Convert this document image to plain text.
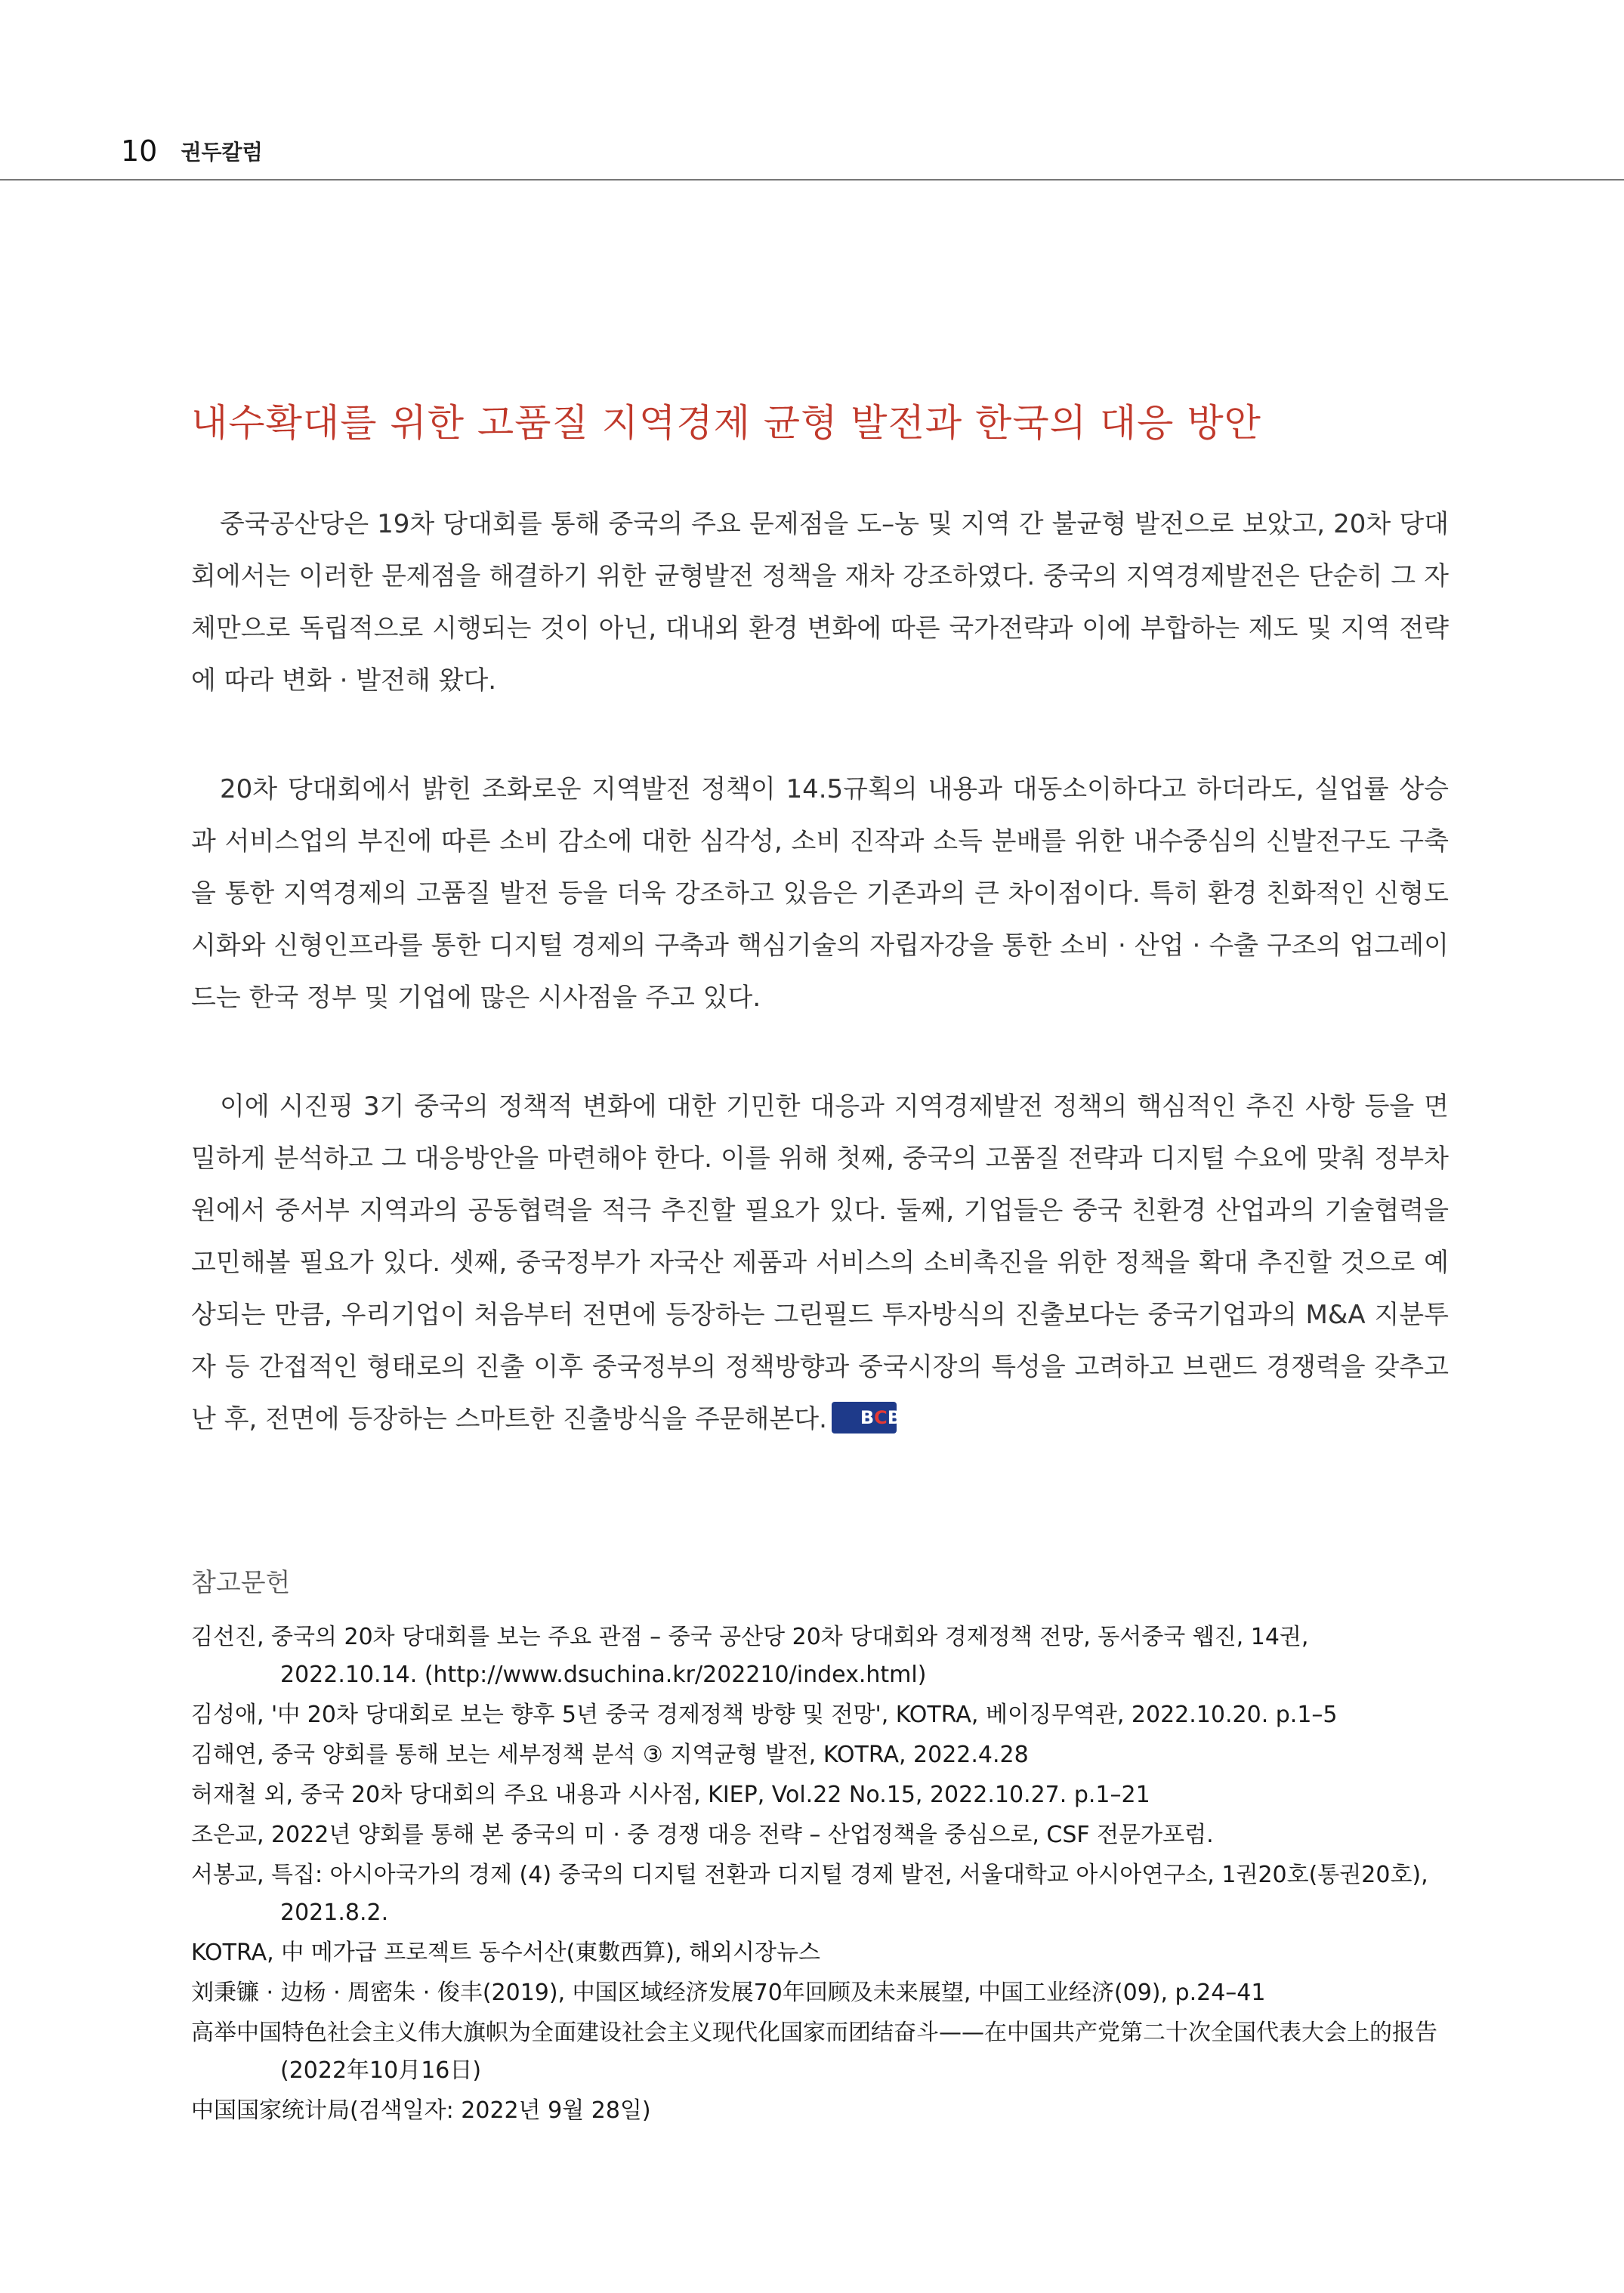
10 권두칼럼
내수확대를 위한 고품질 지역경제 균형 발전과 한국의 대응 방안

중국공산당은 19차 당대회를 통해 중국의 주요 문제점을 도–농 및 지역 간 불균형 발전으로 보았고, 20차 당대회에서는 이러한 문제점을 해결하기 위한 균형발전 정책을 재차 강조하였다. 중국의 지역경제발전은 단순히 그 자체만으로 독립적으로 시행되는 것이 아닌, 대내외 환경 변화에 따른 국가전략과 이에 부합하는 제도 및 지역 전략에 따라 변화 · 발전해 왔다.

20차 당대회에서 밝힌 조화로운 지역발전 정책이 14.5규획의 내용과 대동소이하다고 하더라도, 실업률 상승과 서비스업의 부진에 따른 소비 감소에 대한 심각성, 소비 진작과 소득 분배를 위한 내수중심의 신발전구도 구축을 통한 지역경제의 고품질 발전 등을 더욱 강조하고 있음은 기존과의 큰 차이점이다. 특히 환경 친화적인 신형도시화와 신형인프라를 통한 디지털 경제의 구축과 핵심기술의 자립자강을 통한 소비 · 산업 · 수출 구조의 업그레이드는 한국 정부 및 기업에 많은 시사점을 주고 있다.

이에 시진핑 3기 중국의 정책적 변화에 대한 기민한 대응과 지역경제발전 정책의 핵심적인 추진 사항 등을 면밀하게 분석하고 그 대응방안을 마련해야 한다. 이를 위해 첫째, 중국의 고품질 전략과 디지털 수요에 맞춰 정부차원에서 중서부 지역과의 공동협력을 적극 추진할 필요가 있다. 둘째, 기업들은 중국 친환경 산업과의 기술협력을 고민해볼 필요가 있다. 셋째, 중국정부가 자국산 제품과 서비스의 소비촉진을 위한 정책을 확대 추진할 것으로 예상되는 만큼, 우리기업이 처음부터 전면에 등장하는 그린필드 투자방식의 진출보다는 중국기업과의 M&A 지분투자 등 간접적인 형태로의 진출 이후 중국정부의 정책방향과 중국시장의 특성을 고려하고 브랜드 경쟁력을 갖추고 난 후, 전면에 등장하는 스마트한 진출방식을 주문해본다. BCB

참고문헌

김선진, 중국의 20차 당대회를 보는 주요 관점 – 중국 공산당 20차 당대회와 경제정책 전망, 동서중국 웹진, 14권, 2022.10.14. (http://www.dsuchina.kr/202210/index.html)

김성애, '中 20차 당대회로 보는 향후 5년 중국 경제정책 방향 및 전망', KOTRA, 베이징무역관, 2022.10.20. p.1–5

김해연, 중국 양회를 통해 보는 세부정책 분석 ③ 지역균형 발전, KOTRA, 2022.4.28

허재철 외, 중국 20차 당대회의 주요 내용과 시사점, KIEP, Vol.22 No.15, 2022.10.27. p.1–21

조은교, 2022년 양회를 통해 본 중국의 미 · 중 경쟁 대응 전략 – 산업정책을 중심으로, CSF 전문가포럼.

서봉교, 특집: 아시아국가의 경제 (4) 중국의 디지털 전환과 디지털 경제 발전, 서울대학교 아시아연구소, 1권20호(통권20호), 2021.8.2.

KOTRA, 中 메가급 프로젝트 동수서산(東數西算), 해외시장뉴스

刘秉镰 · 边杨 · 周密朱 · 俊丰(2019), 中国区域经济发展70年回顾及未来展望, 中国工业经济(09), p.24–41

高举中国特色社会主义伟大旗帜为全面建设社会主义现代化国家而团结奋斗——在中国共产党第二十次全国代表大会上的报告 (2022年10月16日)

中国国家统计局(검색일자: 2022년 9월 28일)
